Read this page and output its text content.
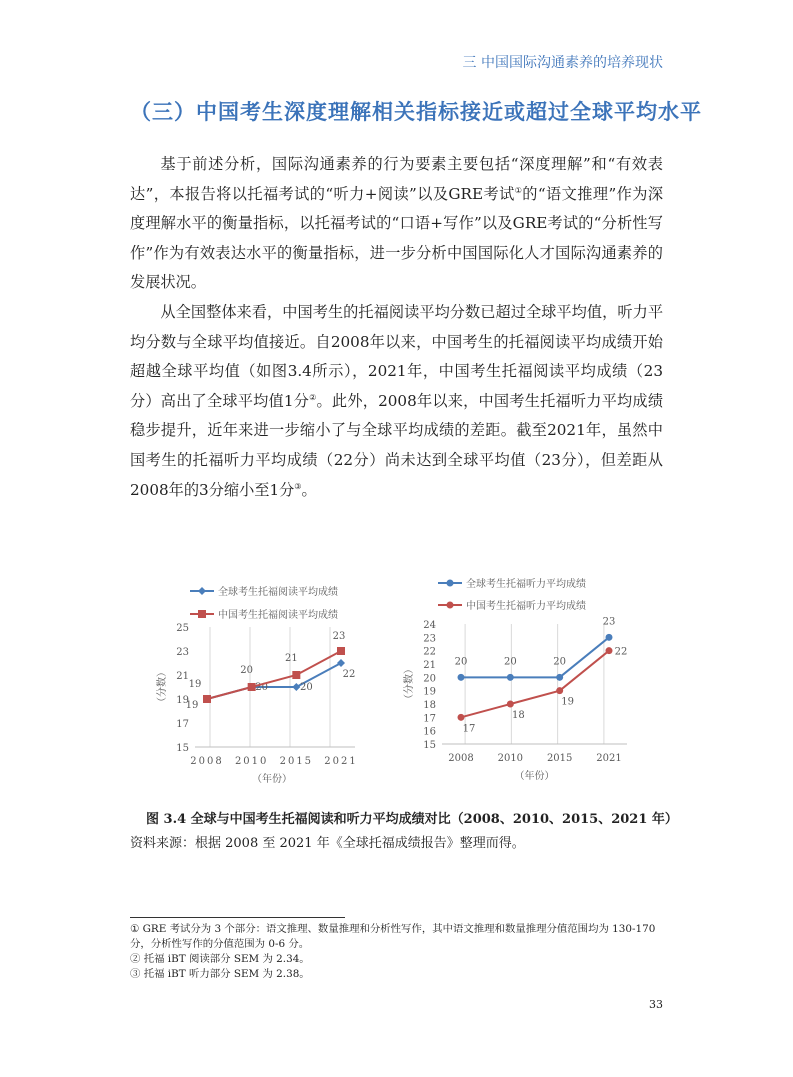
三 中国国际沟通素养的培养现状
（三）中国考生深度理解相关指标接近或超过全球平均水平

基于前述分析，国际沟通素养的行为要素主要包括“深度理解”和“有效表达”，本报告将以托福考试的“听力+阅读”以及GRE考试①的“语文推理”作为深度理解水平的衡量指标，以托福考试的“口语+写作”以及GRE考试的“分析性写作”作为有效表达水平的衡量指标，进一步分析中国国际化人才国际沟通素养的发展状况。

从全国整体来看，中国考生的托福阅读平均分数已超过全球平均值，听力平均分数与全球平均值接近。自2008年以来，中国考生的托福阅读平均成绩开始超越全球平均值（如图3.4所示），2021年，中国考生托福阅读平均成绩（23分）高出了全球平均值1分②。此外，2008年以来，中国考生托福听力平均成绩稳步提升，近年来进一步缩小了与全球平均成绩的差距。截至2021年，虽然中国考生的托福听力平均成绩（22分）尚未达到全球平均值（23分），但差距从2008年的3分缩小至1分③。

15
17
19
21
23
25
2008 2010 2015 2021
（年份）
（分数）
全球考生托福阅读平均成绩
中国考生托福阅读平均成绩
19
20	20
22
19
20
21
23
15
16
17
18
19
20
21
22
23
24
2008 2010 2015 2021
（年份）
（分数）
全球考生托福听力平均成绩
中国考生托福听力平均成绩
20	20	20
23
17
18
19
22
图 3.4 全球与中国考生托福阅读和听力平均成绩对比（2008、2010、2015、2021 年）
资料来源：根据 2008 至 2021 年《全球托福成绩报告》整理而得。

① GRE 考试分为 3 个部分：语文推理、数量推理和分析性写作，其中语文推理和数量推理分值范围均为 130-170 分，分析性写作的分值范围为 0-6 分。

② 托福 iBT 阅读部分 SEM 为 2.34。

③ 托福 iBT 听力部分 SEM 为 2.38。

33
